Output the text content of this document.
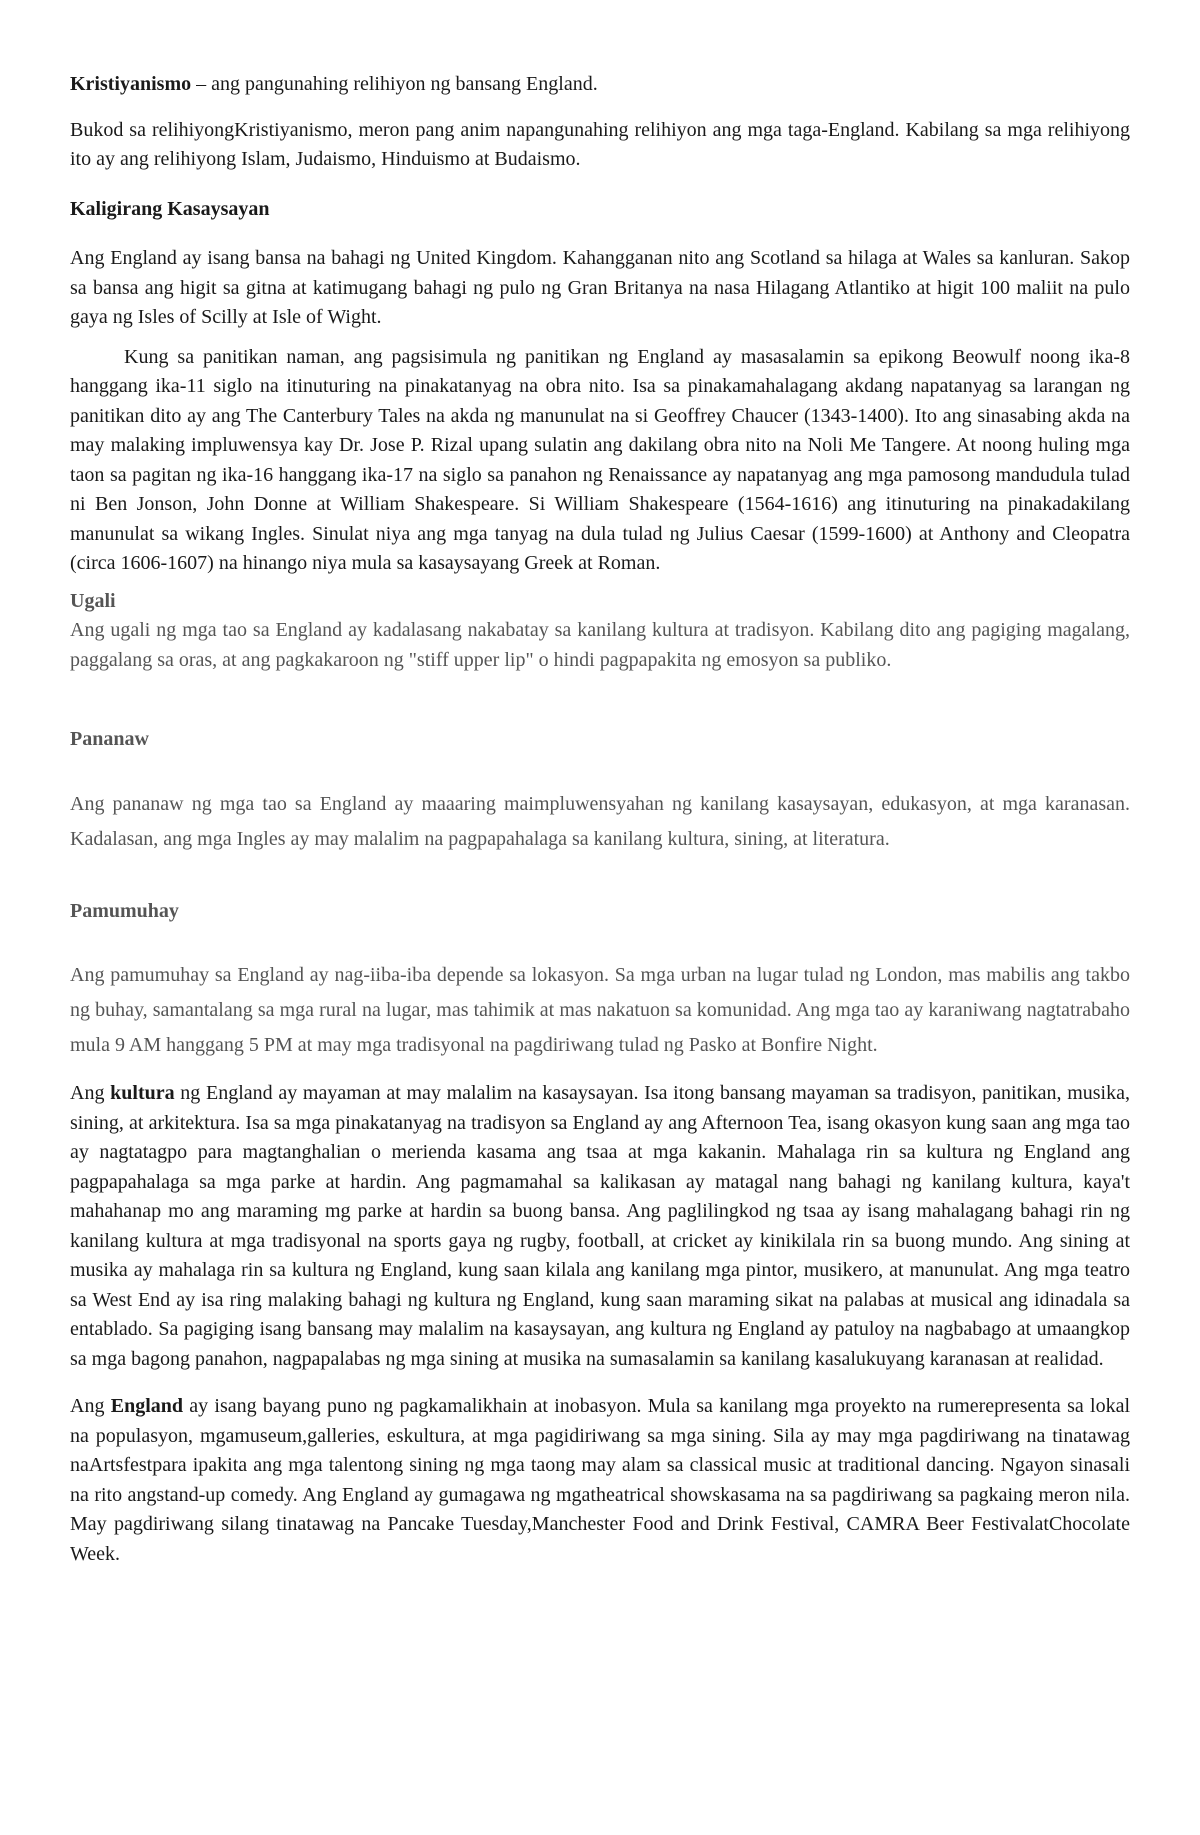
Kristiyanismo – ang pangunahing relihiyon ng bansang England.

Bukod sa relihiyongKristiyanismo, meron pang anim napangunahing relihiyon ang mga taga-England. Kabilang sa mga relihiyong ito ay ang relihiyong Islam, Judaismo, Hinduismo at Budaismo.

Kaligirang Kasaysayan

Ang England ay isang bansa na bahagi ng United Kingdom. Kahangganan nito ang Scotland sa hilaga at Wales sa kanluran. Sakop sa bansa ang higit sa gitna at katimugang bahagi ng pulo ng Gran Britanya na nasa Hilagang Atlantiko at higit 100 maliit na pulo gaya ng Isles of Scilly at Isle of Wight.

Kung sa panitikan naman, ang pagsisimula ng panitikan ng England ay masasalamin sa epikong Beowulf noong ika-8 hanggang ika-11 siglo na itinuturing na pinakatanyag na obra nito. Isa sa pinakamahalagang akdang napatanyag sa larangan ng panitikan dito ay ang The Canterbury Tales na akda ng manunulat na si Geoffrey Chaucer (1343-1400). Ito ang sinasabing akda na may malaking impluwensya kay Dr. Jose P. Rizal upang sulatin ang dakilang obra nito na Noli Me Tangere. At noong huling mga taon sa pagitan ng ika-16 hanggang ika-17 na siglo sa panahon ng Renaissance ay napatanyag ang mga pamosong mandudula tulad ni Ben Jonson, John Donne at William Shakespeare. Si William Shakespeare (1564-1616) ang itinuturing na pinakadakilang manunulat sa wikang Ingles. Sinulat niya ang mga tanyag na dula tulad ng Julius Caesar (1599-1600) at Anthony and Cleopatra (circa 1606-1607) na hinango niya mula sa kasaysayang Greek at Roman.

Ugali

Ang ugali ng mga tao sa England ay kadalasang nakabatay sa kanilang kultura at tradisyon. Kabilang dito ang pagiging magalang, paggalang sa oras, at ang pagkakaroon ng "stiff upper lip" o hindi pagpapakita ng emosyon sa publiko.

Pananaw

Ang pananaw ng mga tao sa England ay maaaring maimpluwensyahan ng kanilang kasaysayan, edukasyon, at mga karanasan. Kadalasan, ang mga Ingles ay may malalim na pagpapahalaga sa kanilang kultura, sining, at literatura.

Pamumuhay

Ang pamumuhay sa England ay nag-iiba-iba depende sa lokasyon. Sa mga urban na lugar tulad ng London, mas mabilis ang takbo ng buhay, samantalang sa mga rural na lugar, mas tahimik at mas nakatuon sa komunidad. Ang mga tao ay karaniwang nagtatrabaho mula 9 AM hanggang 5 PM at may mga tradisyonal na pagdiriwang tulad ng Pasko at Bonfire Night.

Ang kultura ng England ay mayaman at may malalim na kasaysayan. Isa itong bansang mayaman sa tradisyon, panitikan, musika, sining, at arkitektura. Isa sa mga pinakatanyag na tradisyon sa England ay ang Afternoon Tea, isang okasyon kung saan ang mga tao ay nagtatagpo para magtanghalian o merienda kasama ang tsaa at mga kakanin. Mahalaga rin sa kultura ng England ang pagpapahalaga sa mga parke at hardin. Ang pagmamahal sa kalikasan ay matagal nang bahagi ng kanilang kultura, kaya't mahahanap mo ang maraming mg parke at hardin sa buong bansa. Ang paglilingkod ng tsaa ay isang mahalagang bahagi rin ng kanilang kultura at mga tradisyonal na sports gaya ng rugby, football, at cricket ay kinikilala rin sa buong mundo. Ang sining at musika ay mahalaga rin sa kultura ng England, kung saan kilala ang kanilang mga pintor, musikero, at manunulat. Ang mga teatro sa West End ay isa ring malaking bahagi ng kultura ng England, kung saan maraming sikat na palabas at musical ang idinadala sa entablado. Sa pagiging isang bansang may malalim na kasaysayan, ang kultura ng England ay patuloy na nagbabago at umaangkop sa mga bagong panahon, nagpapalabas ng mga sining at musika na sumasalamin sa kanilang kasalukuyang karanasan at realidad.

Ang England ay isang bayang puno ng pagkamalikhain at inobasyon. Mula sa kanilang mga proyekto na rumerepresenta sa lokal na populasyon, mgamuseum,galleries, eskultura, at mga pagidiriwang sa mga sining. Sila ay may mga pagdiriwang na tinatawag naArtsfestpara ipakita ang mga talentong sining ng mga taong may alam sa classical music at traditional dancing. Ngayon sinasali na rito angstand-up comedy. Ang England ay gumagawa ng mgatheatrical showskasama na sa pagdiriwang sa pagkaing meron nila. May pagdiriwang silang tinatawag na Pancake Tuesday,Manchester Food and Drink Festival, CAMRA Beer FestivalatChocolate Week.
